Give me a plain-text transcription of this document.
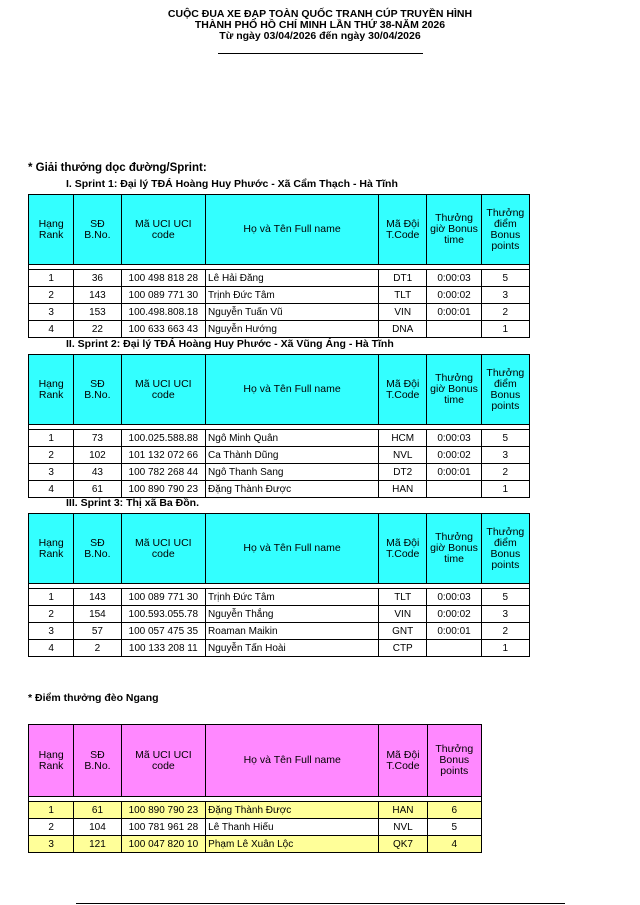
CUỘC ĐUA XE ĐẠP TOÀN QUỐC TRANH CÚP TRUYỀN HÌNH
THÀNH PHỐ HỒ CHÍ MINH LẦN THỨ 38-NĂM 2026
Từ ngày 03/04/2026 đến ngày 30/04/2026
* Giải thưởng dọc đường/Sprint:
I. Sprint 1: Đại lý TĐÁ Hoàng Huy Phước - Xã Cẩm Thạch - Hà Tĩnh
Hạng Rank	SĐ B.No.	Mã UCI UCI code	Họ và Tên Full name	Mã Đội T.Code	Thưởng giờ Bonus time	Thưởng điểm Bonus points

1	36	100 498 818 28	Lê Hải Đăng	DT1	0:00:03	5
2	143	100 089 771 30	Trịnh Đức Tâm	TLT	0:00:02	3
3	153	100.498.808.18	Nguyễn Tuấn Vũ	VIN	0:00:01	2
4	22	100 633 663 43	Nguyễn Hướng	DNA		1
II. Sprint 2: Đại lý TĐÁ Hoàng Huy Phước - Xã Vũng Áng - Hà Tĩnh
Hạng Rank	SĐ B.No.	Mã UCI UCI code	Họ và Tên Full name	Mã Đội T.Code	Thưởng giờ Bonus time	Thưởng điểm Bonus points

1	73	100.025.588.88	Ngô Minh Quân	HCM	0:00:03	5
2	102	101 132 072 66	Ca Thành Dũng	NVL	0:00:02	3
3	43	100 782 268 44	Ngô Thanh Sang	DT2	0:00:01	2
4	61	100 890 790 23	Đặng Thành Được	HAN		1
III. Sprint 3: Thị xã Ba Đồn.
Hạng Rank	SĐ B.No.	Mã UCI UCI code	Họ và Tên Full name	Mã Đội T.Code	Thưởng giờ Bonus time	Thưởng điểm Bonus points

1	143	100 089 771 30	Trịnh Đức Tâm	TLT	0:00:03	5
2	154	100.593.055.78	Nguyễn Thắng	VIN	0:00:02	3
3	57	100 057 475 35	Roaman Maikin	GNT	0:00:01	2
4	2	100 133 208 11	Nguyễn Tấn Hoài	CTP		1
* Điểm thưởng đèo Ngang
Hạng Rank	SĐ B.No.	Mã UCI UCI code	Họ và Tên Full name	Mã Đội T.Code	Thưởng Bonus points

1	61	100 890 790 23	Đặng Thành Được	HAN	6
2	104	100 781 961 28	Lê Thanh Hiếu	NVL	5
3	121	100 047 820 10	Phạm Lê Xuân Lộc	QK7	4
